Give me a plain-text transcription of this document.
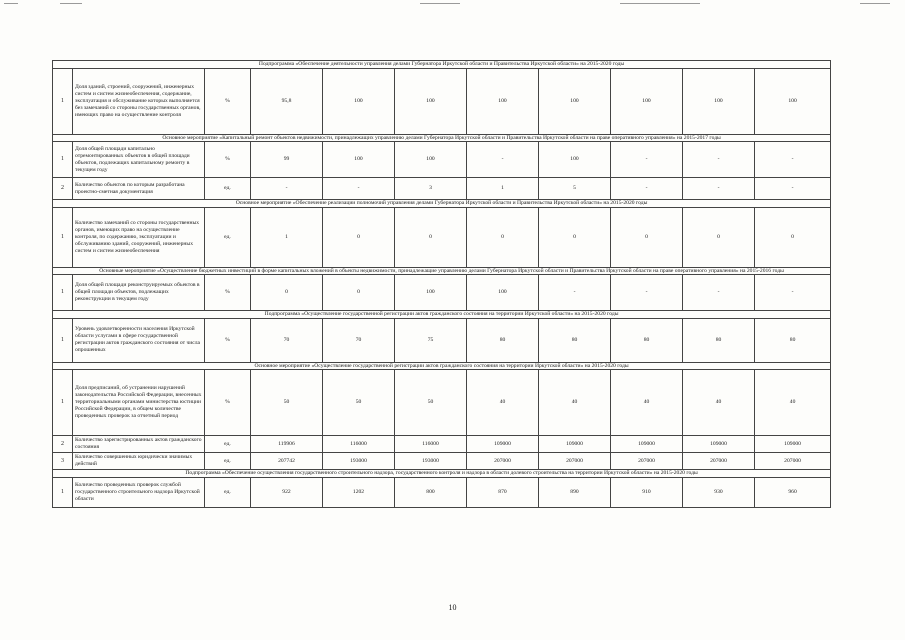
Подпрограмма «Обеспечение деятельности управления делами Губернатора Иркутской области и Правительства Иркутской области» на 2015-2020 годы										
1	Доля зданий, строений, сооружений, инженерных систем и систем жизнеобеспечения, содержание, эксплуатация и обслуживание которых выполняется без замечаний со стороны государственных органов, имеющих право на осуществление контроля	%	95,8	100	100	100	100	100	100	100
Основное мероприятие «Капитальный ремонт объектов недвижимости, принадлежащих управлению делами Губернатора Иркутской области и Правительства Иркутской области на праве оперативного управления» на 2015-2017 годы										
1	Доля общей площади капитально отремонтированных объектов в общей площади объектов, подлежащих капитальному ремонту в текущем году	%	99	100	100	-	100	-	-	-
2	Количество объектов по которым разработана проектно-сметная документация	ед.	-	-	3	1	5	-	-	-
Основное мероприятие «Обеспечение реализации полномочий управления делами Губернатора Иркутской области и Правительства Иркутской области» на 2015-2020 годы										
1	Количество замечаний со стороны государственных органов, имеющих право на осуществление контроля, по содержанию, эксплуатации и обслуживанию зданий, сооружений, инженерных систем и систем жизнеобеспечения	ед.	1	0	0	0	0	0	0	0
Основные мероприятие «Осуществление бюджетных инвестиций в форме капитальных вложений в объекты недвижимости, принадлежащие управлению делами Губернатора Иркутской области и Правительства Иркутской области на праве оперативного управления» на 2015-2016 годы										
1	Доля общей площади реконструируемых объектов в общей площади объектов, подлежащих реконструкции в текущем году	%	0	0	100	100	-	-	-	-
Подпрограмма «Осуществление государственной регистрации актов гражданского состояния на территории Иркутской области» на 2015-2020 годы										
1	Уровень удовлетворенности населения Иркутской области услугами в сфере государственной регистрации актов гражданского состояния от числа опрошенных	%	70	70	75	80	80	80	80	80
Основное мероприятие «Осуществление государственной регистрации актов гражданского состояния на территории Иркутской области» на 2015-2020 годы										
1	Доля предписаний, об устранении нарушений законодательства Российской Федерации, внесенных территориальными органами министерства юстиции Российской Федерации, в общем количестве проведенных проверок за отчетный период	%	50	50	50	40	40	40	40	40
2	Количество зарегистрированных актов гражданского состояния	ед.	119906	116000	116000	109000	109000	109000	109000	109000
3	Количество совершенных юридически значимых действий	ед.	207742	193000	193000	207000	207000	207000	207000	207000
Подпрограмма «Обеспечение осуществления государственного строительного надзора, государственного контроля и надзора в области долевого строительства на территории Иркутской области» на 2015-2020 годы										
1	Количество проведенных проверок службой государственного строительного надзора Иркутской области	ед.	922	1202	800	870	890	910	930	960
10
